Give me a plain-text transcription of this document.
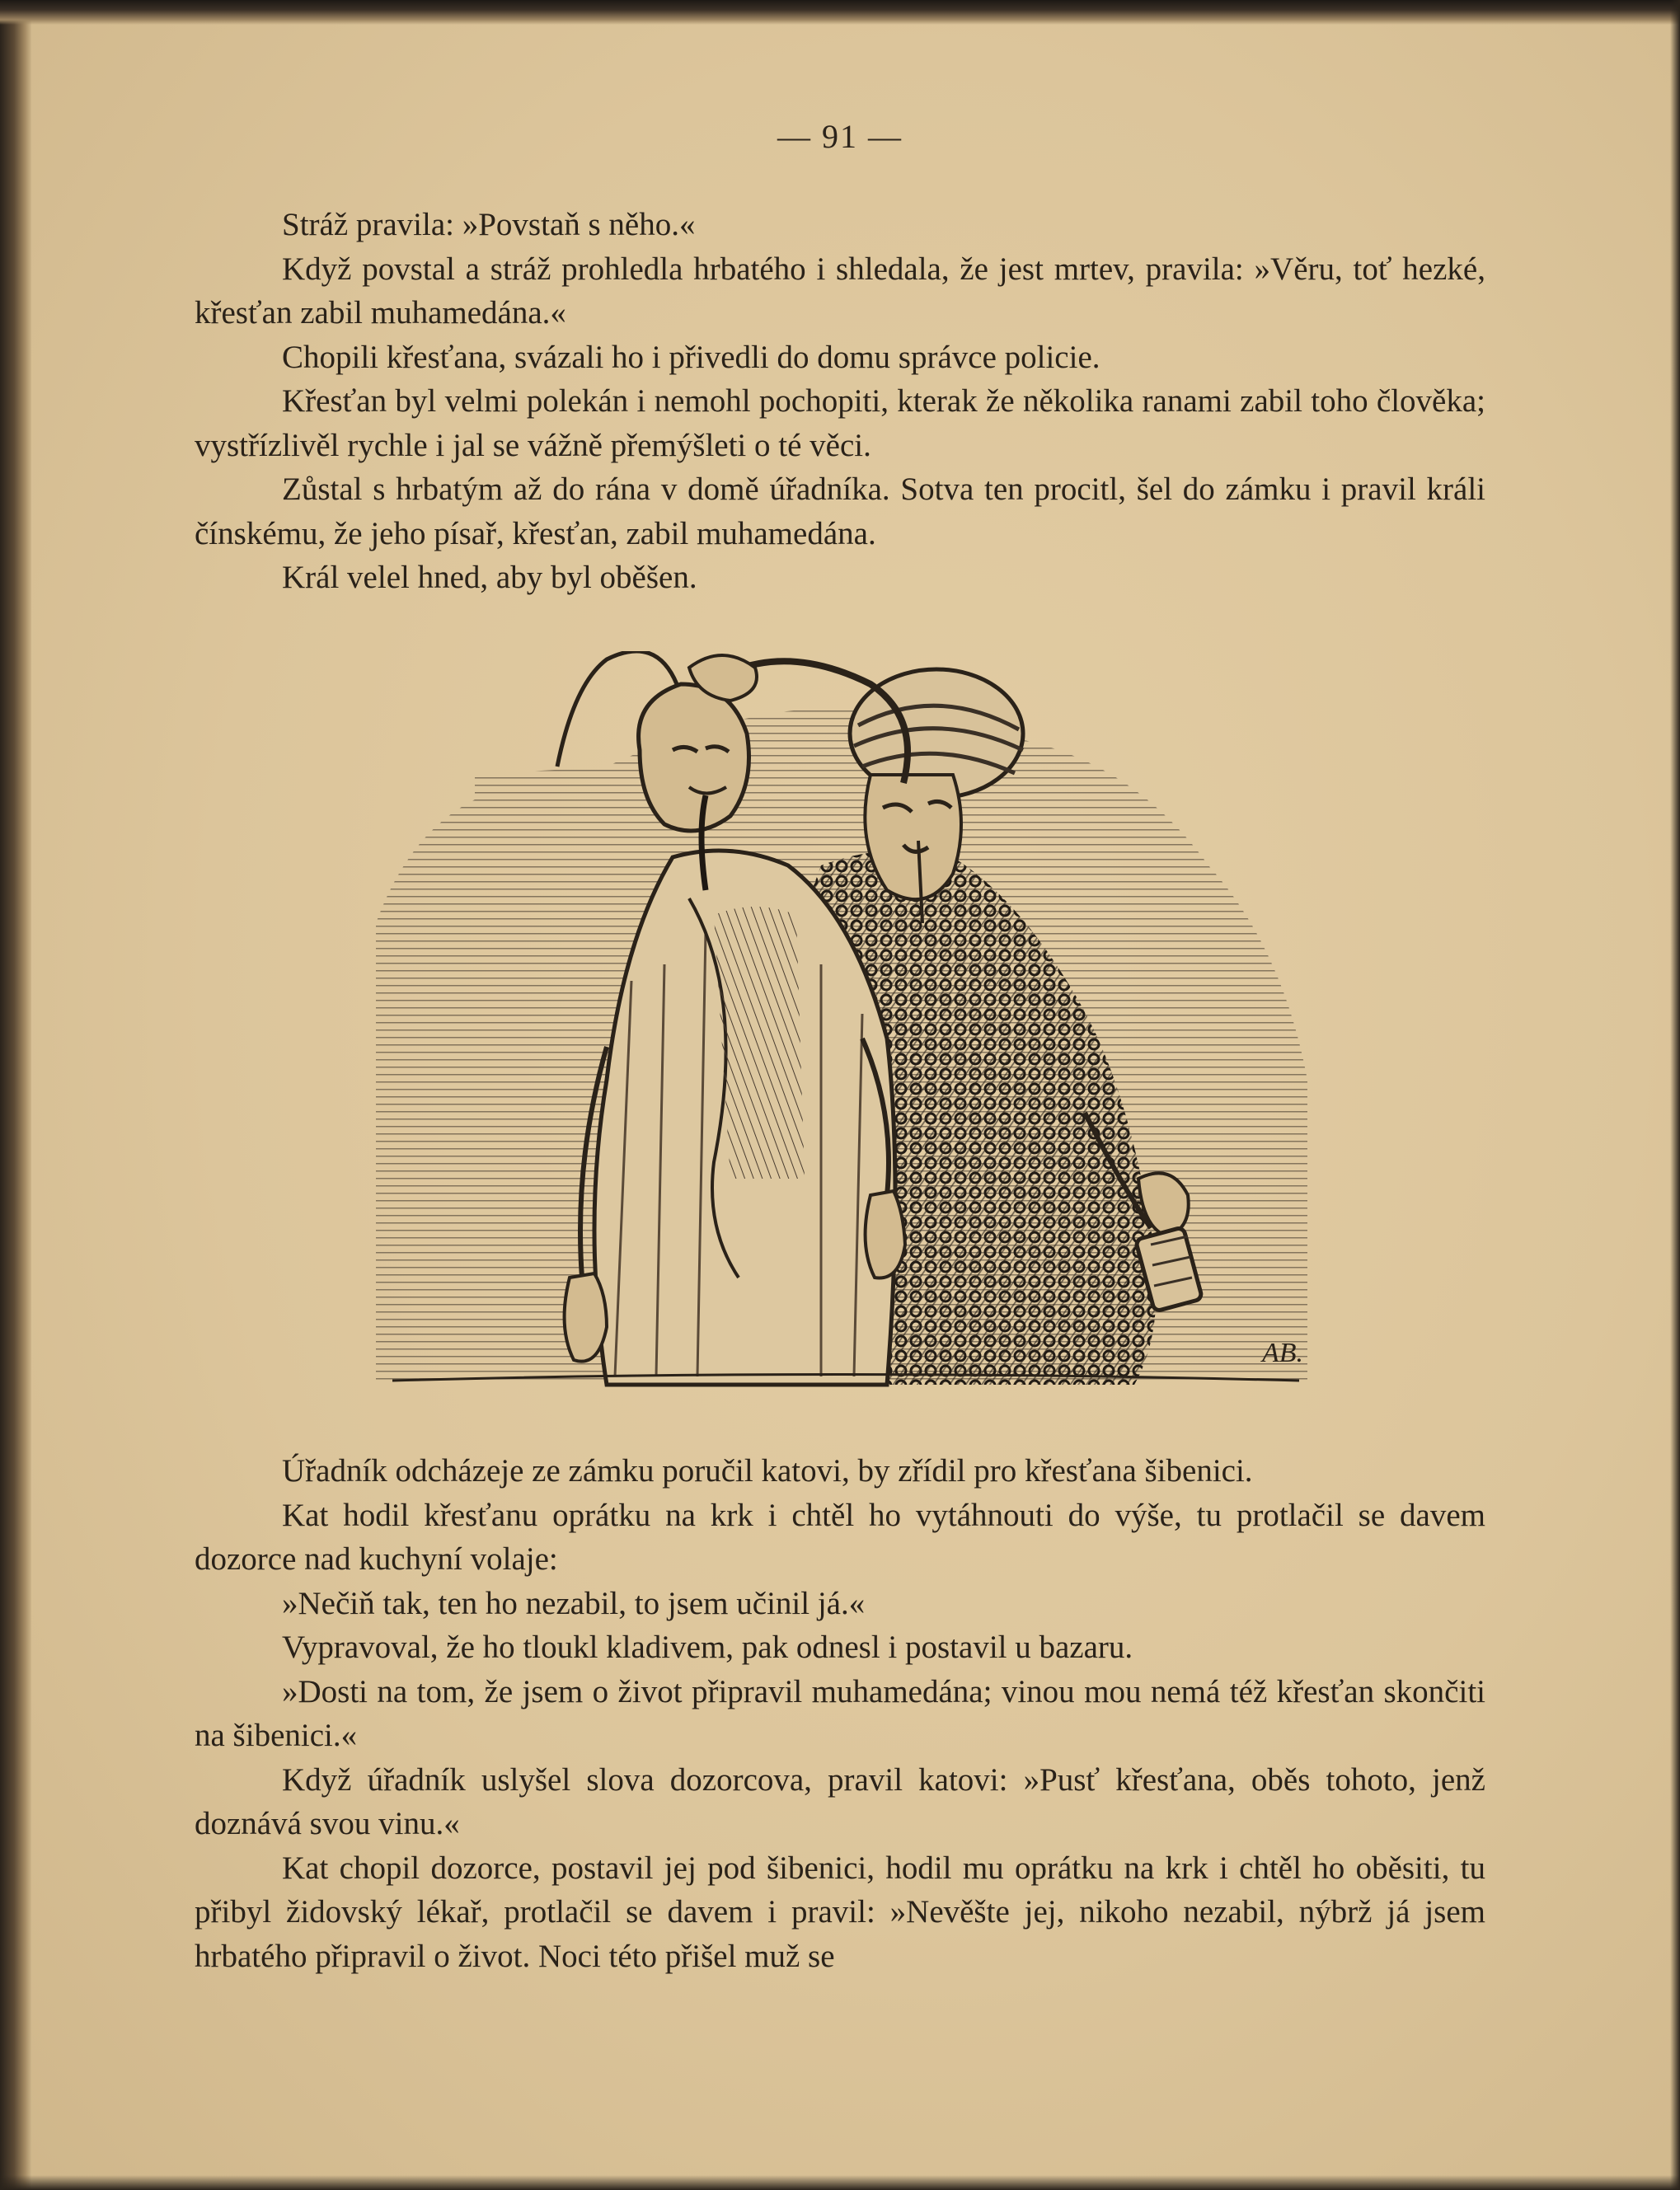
— 91 —

Stráž pravila: »Povstaň s něho.«

Když povstal a stráž prohledla hrbatého i shledala, že jest mrtev, pravila: »Věru, toť hezké, křesťan zabil muhamedána.«

Chopili křesťana, svázali ho i přivedli do domu správce policie.

Křesťan byl velmi polekán i nemohl pochopiti, kterak že několika ranami zabil toho člověka; vystřízlivěl rychle i jal se vážně přemýšleti o té věci.

Zůstal s hrbatým až do rána v domě úřadníka. Sotva ten procitl, šel do zámku i pravil králi čínskému, že jeho písař, křesťan, zabil muhamedána.

Král velel hned, aby byl oběšen.

AB.

Úřadník odcházeje ze zámku poručil katovi, by zřídil pro křesťana šibenici.

Kat hodil křesťanu oprátku na krk i chtěl ho vytáhnouti do výše, tu protlačil se davem dozorce nad kuchyní volaje:

»Nečiň tak, ten ho nezabil, to jsem učinil já.«

Vypravoval, že ho tloukl kladivem, pak odnesl i postavil u bazaru.

»Dosti na tom, že jsem o život připravil muhamedána; vinou mou nemá též křesťan skončiti na šibenici.«

Když úřadník uslyšel slova dozorcova, pravil katovi: »Pusť křesťana, oběs tohoto, jenž doznává svou vinu.«

Kat chopil dozorce, postavil jej pod šibenici, hodil mu oprátku na krk i chtěl ho oběsiti, tu přibyl židovský lékař, protlačil se davem i pravil: »Nevěšte jej, nikoho nezabil, nýbrž já jsem hrbatého připravil o život. Noci této přišel muž se
